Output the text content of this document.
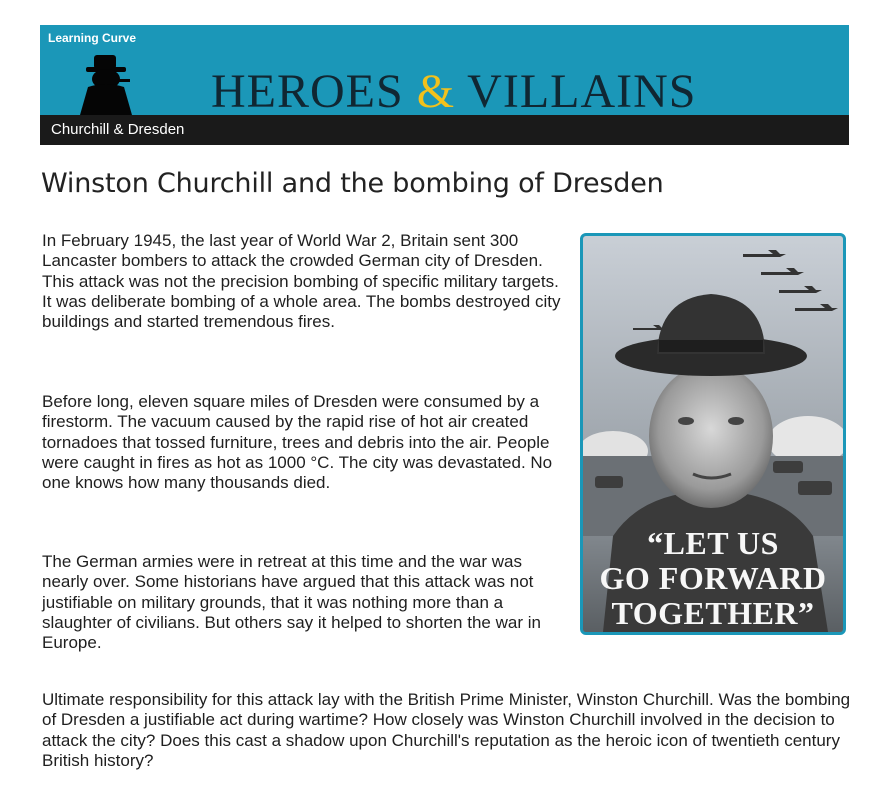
Learning Curve
HEROES & VILLAINS
Churchill & Dresden
Winston Churchill and the bombing of Dresden

In February 1945, the last year of World War 2, Britain sent 300 Lancaster bombers to attack the crowded German city of Dresden. This attack was not the precision bombing of specific military targets. It was deliberate bombing of a whole area. The bombs destroyed city buildings and started tremendous fires.

Before long, eleven square miles of Dresden were consumed by a firestorm. The vacuum caused by the rapid rise of hot air created tornadoes that tossed furniture, trees and debris into the air. People were caught in fires as hot as 1000 °C. The city was devastated. No one knows how many thousands died.

The German armies were in retreat at this time and the war was nearly over. Some historians have argued that this attack was not justifiable on military grounds, that it was nothing more than a slaughter of civilians. But others say it helped to shorten the war in Europe.

Ultimate responsibility for this attack lay with the British Prime Minister, Winston Churchill. Was the bombing of Dresden a justifiable act during wartime? How closely was Winston Churchill involved in the decision to attack the city? Does this cast a shadow upon Churchill's reputation as the heroic icon of twentieth century British history?

“LET US
GO FORWARD
TOGETHER”
